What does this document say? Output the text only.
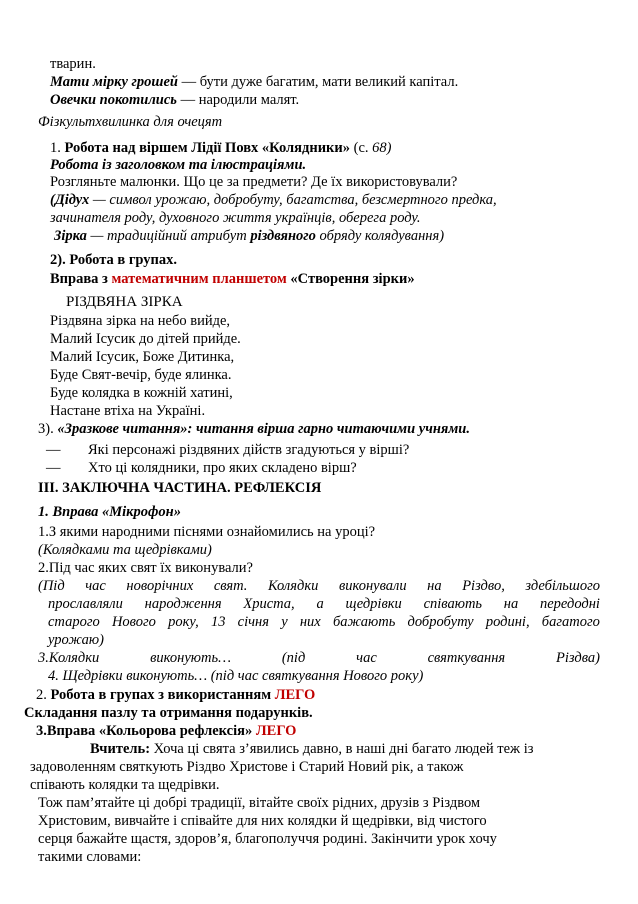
тварин.
Мати мірку грошей — бути дуже багатим, мати великий капітал.
Овечки покотились — народили малят.
Фізкультхвилинка для очецят
1. Робота над віршем Лідії Повх «Колядники» (с. 68)
Робота із заголовком та ілюстраціями.
Розгляньте малюнки. Що це за предмети? Де їх використовували?
(Дідух — символ урожаю, добробуту, багатства, безсмертного предка,
зачинателя роду, духовного життя українців, оберега роду.
Зірка — традиційний атрибут різдвяного обряду колядування)
2). Робота в групах.
Вправа з математичним планшетом «Створення зірки»
РІЗДВЯНА ЗІРКА
Різдвяна зірка на небо вийде,
Малий Ісусик до дітей прийде.
Малий Ісусик, Боже Дитинка,
Буде Свят-вечір, буде ялинка.
Буде колядка в кожній хатині,
Настане втіха на Україні.
3). «Зразкове читання»: читання вірша гарно читаючими учнями.
— Які персонажі різдвяних дійств згадуються у вірші?
— Хто ці колядники, про яких складено вірш?
ІІІ. ЗАКЛЮЧНА ЧАСТИНА. РЕФЛЕКСІЯ
1. Вправа «Мікрофон»
1.З якими народними піснями ознайомились на уроці?
(Колядками та щедрівками)
2.Під час яких свят їх виконували?
(Під час новорічних свят. Колядки виконували на Різдво, здебільшого
прославляли народження Христа, а щедрівки співають на передодні
старого Нового року, 13 січня у них бажають добробуту родині, багатого
урожаю)
3.Колядки	виконують…	(під	час	святкування	Різдва)
4. Щедрівки виконують… (під час святкування Нового року)
2. Робота в групах з використанням ЛЕГО
Складання пазлу та отримання подарунків.
3.Вправа «Кольорова рефлексія» ЛЕГО
Вчитель: Хоча ці свята з’явились давно, в наші дні багато людей теж із
задоволенням святкують Різдво Христове і Старий Новий рік, а також
співають колядки та щедрівки.
Тож пам’ятайте ці добрі традиції, вітайте своїх рідних, друзів з Різдвом
Христовим, вивчайте і співайте для них колядки й щедрівки, від чистого
серця бажайте щастя, здоров’я, благополуччя родині. Закінчити урок хочу
такими словами:
